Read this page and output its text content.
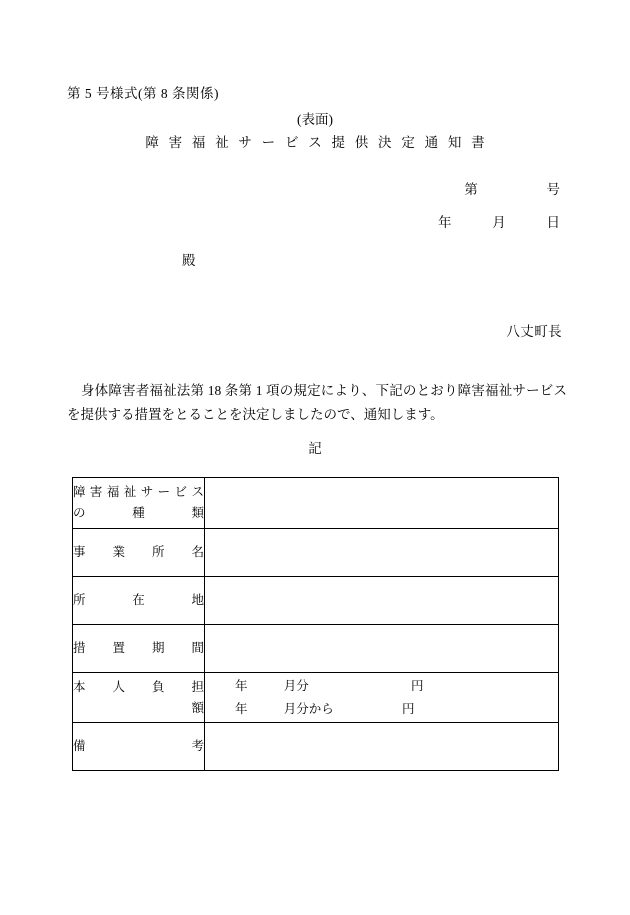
第 5 号様式(第 8 条関係)
(表面)
障 害 福 祉 サ ー ビ ス 提 供 決 定 通 知 書
第	号
年	月	日
殿
八丈町長
身体障害者福祉法第 18 条第 1 項の規定により、下記のとおり障害福祉サービスを提供する措置をとることを決定しましたので、通知します。
記
障 害 福 祉 サ ー ビ ス
の 　 　 種 　 　 類	

事 　 業 　 所 　 名	

所 　 　 在 　 　 地	

措 　 置 　 期 　 間	

本 　 人 　 負 　 担 　 額	年 月分 円
年 月分から 円

備 　 　 　 　 　 考	
